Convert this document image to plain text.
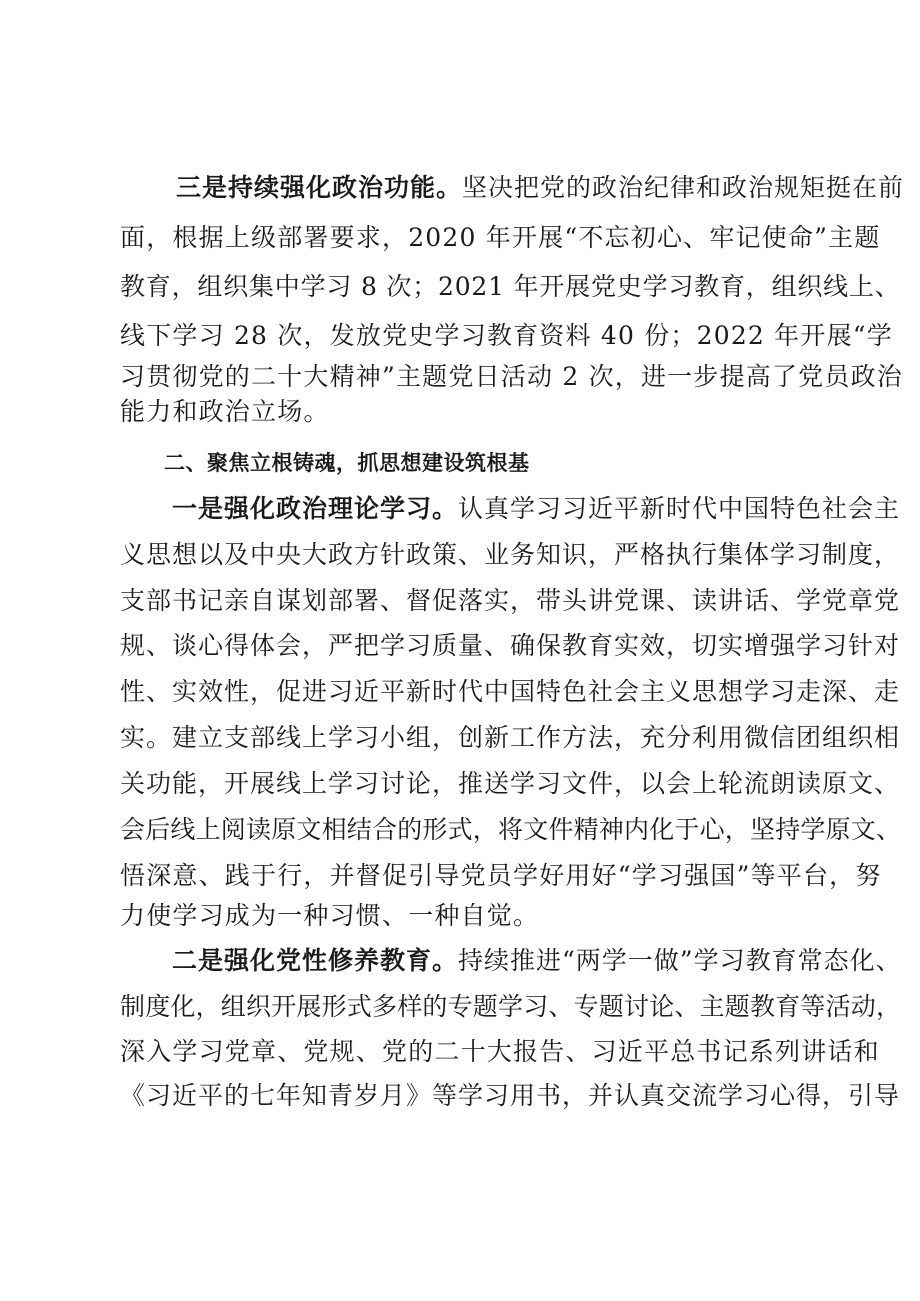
三是持续强化政治功能。坚决把党的政治纪律和政治规矩挺在前
面，根据上级部署要求，2020 年开展“不忘初心、牢记使命”主题
教育，组织集中学习 8 次；2021 年开展党史学习教育，组织线上、
线下学习 28 次，发放党史学习教育资料 40 份；2022 年开展“学
习贯彻党的二十大精神”主题党日活动 2 次，进一步提高了党员政治
能力和政治立场。
二、聚焦立根铸魂，抓思想建设筑根基
一是强化政治理论学习。认真学习习近平新时代中国特色社会主
义思想以及中央大政方针政策、业务知识，严格执行集体学习制度，
支部书记亲自谋划部署、督促落实，带头讲党课、读讲话、学党章党
规、谈心得体会，严把学习质量、确保教育实效，切实增强学习针对
性、实效性，促进习近平新时代中国特色社会主义思想学习走深、走
实。建立支部线上学习小组，创新工作方法，充分利用微信团组织相
关功能，开展线上学习讨论，推送学习文件，以会上轮流朗读原文、
会后线上阅读原文相结合的形式，将文件精神内化于心，坚持学原文、
悟深意、践于行，并督促引导党员学好用好“学习强国”等平台，努
力使学习成为一种习惯、一种自觉。
二是强化党性修养教育。持续推进“两学一做”学习教育常态化、
制度化，组织开展形式多样的专题学习、专题讨论、主题教育等活动，
深入学习党章、党规、党的二十大报告、习近平总书记系列讲话和
《习近平的七年知青岁月》等学习用书，并认真交流学习心得，引导
